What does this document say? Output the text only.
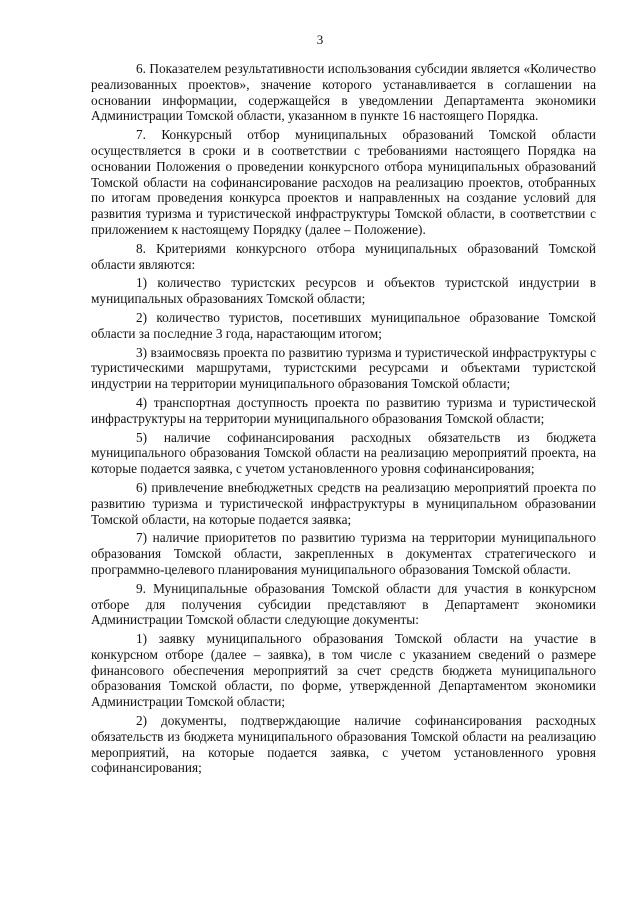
3

6. Показателем результативности использования субсидии является «Количество реализованных проектов», значение которого устанавливается в соглашении на основании информации, содержащейся в уведомлении Департамента экономики Администрации Томской области, указанном в пункте 16 настоящего Порядка.

7. Конкурсный отбор муниципальных образований Томской области осуществляется в сроки и в соответствии с требованиями настоящего Порядка на основании Положения о проведении конкурсного отбора муниципальных образований Томской области на софинансирование расходов на реализацию проектов, отобранных по итогам проведения конкурса проектов и направленных на создание условий для развития туризма и туристической инфраструктуры Томской области, в соответствии с приложением к настоящему Порядку (далее – Положение).

8. Критериями конкурсного отбора муниципальных образований Томской области являются:

1) количество туристских ресурсов и объектов туристской индустрии в муниципальных образованиях Томской области;

2) количество туристов, посетивших муниципальное образование Томской области за последние 3 года, нарастающим итогом;

3) взаимосвязь проекта по развитию туризма и туристической инфраструктуры с туристическими маршрутами, туристскими ресурсами и объектами туристской индустрии на территории муниципального образования Томской области;

4) транспортная доступность проекта по развитию туризма и туристической инфраструктуры на территории муниципального образования Томской области;

5) наличие софинансирования расходных обязательств из бюджета муниципального образования Томской области на реализацию мероприятий проекта, на которые подается заявка, с учетом установленного уровня софинансирования;

6) привлечение внебюджетных средств на реализацию мероприятий проекта по развитию туризма и туристической инфраструктуры в муниципальном образовании Томской области, на которые подается заявка;

7) наличие приоритетов по развитию туризма на территории муниципального образования Томской области, закрепленных в документах стратегического и программно-целевого планирования муниципального образования Томской области.

9. Муниципальные образования Томской области для участия в конкурсном отборе для получения субсидии представляют в Департамент экономики Администрации Томской области следующие документы:

1) заявку муниципального образования Томской области на участие в конкурсном отборе (далее – заявка), в том числе с указанием сведений о размере финансового обеспечения мероприятий за счет средств бюджета муниципального образования Томской области, по форме, утвержденной Департаментом экономики Администрации Томской области;

2) документы, подтверждающие наличие софинансирования расходных обязательств из бюджета муниципального образования Томской области на реализацию мероприятий, на которые подается заявка, с учетом установленного уровня софинансирования;
